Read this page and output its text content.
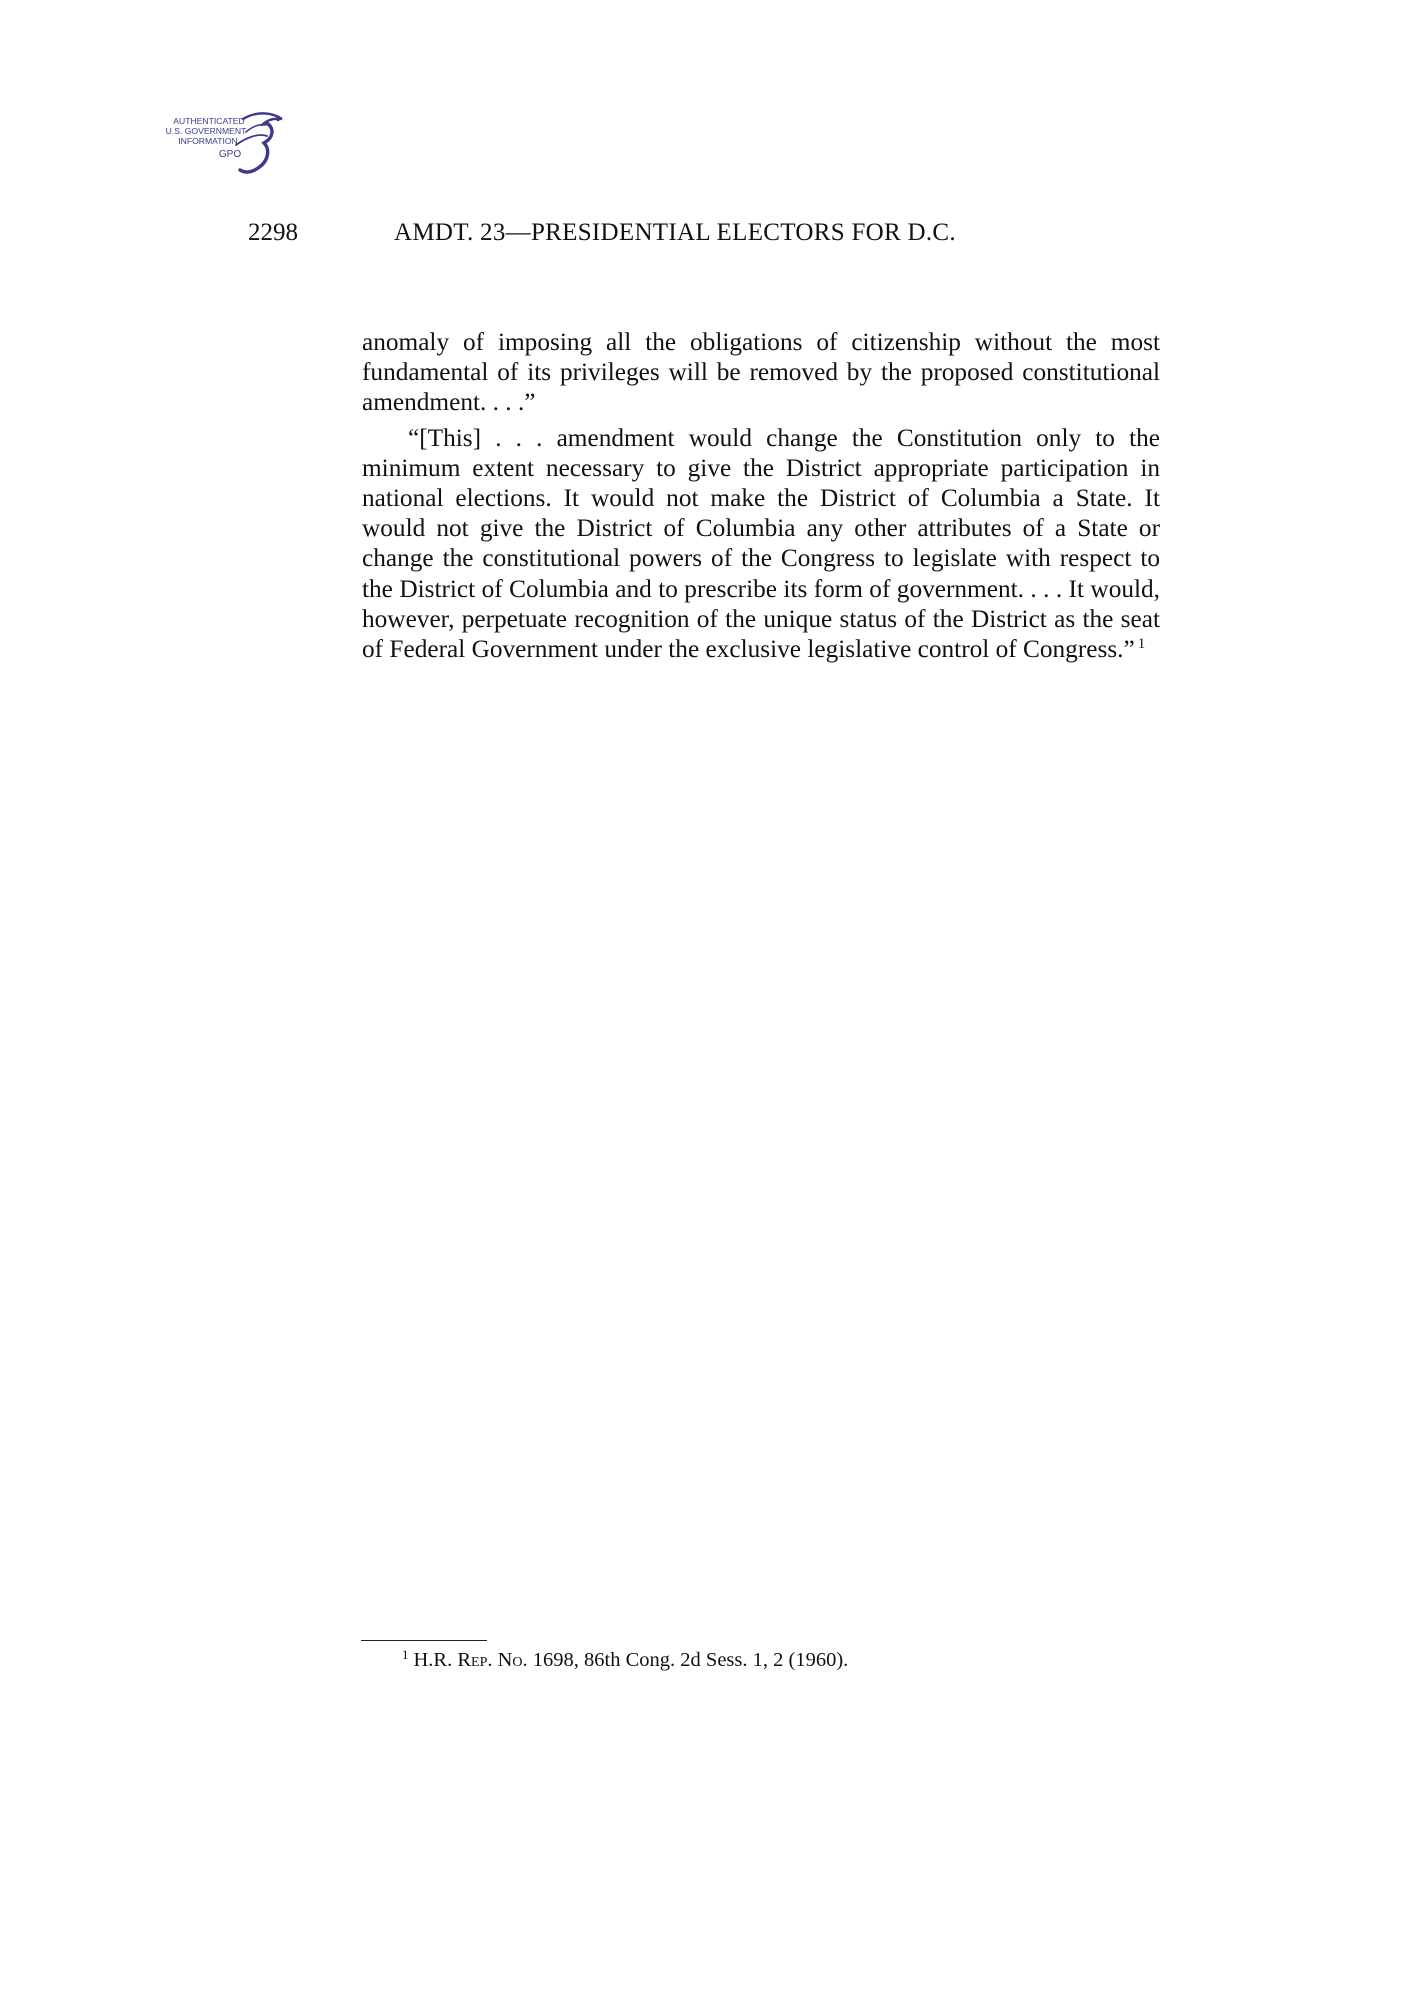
AUTHENTICATED
U.S. GOVERNMENT
INFORMATION
GPO
2298	AMDT. 23—PRESIDENTIAL ELECTORS FOR D.C.

anomaly of imposing all the obligations of citizenship without the most fundamental of its privileges will be removed by the proposed constitutional amendment. . . .”

“[This] . . . amendment would change the Constitution only to the minimum extent necessary to give the District appropriate participation in national elections. It would not make the District of Columbia a State. It would not give the District of Columbia any other attributes of a State or change the constitutional powers of the Congress to legislate with respect to the District of Columbia and to prescribe its form of government. . . . It would, however, perpetuate recognition of the unique status of the District as the seat of Federal Government under the exclusive legislative control of Congress.” $^1$

$^1$ H.R. Rep. No. 1698, 86th Cong. 2d Sess. 1, 2 (1960).
